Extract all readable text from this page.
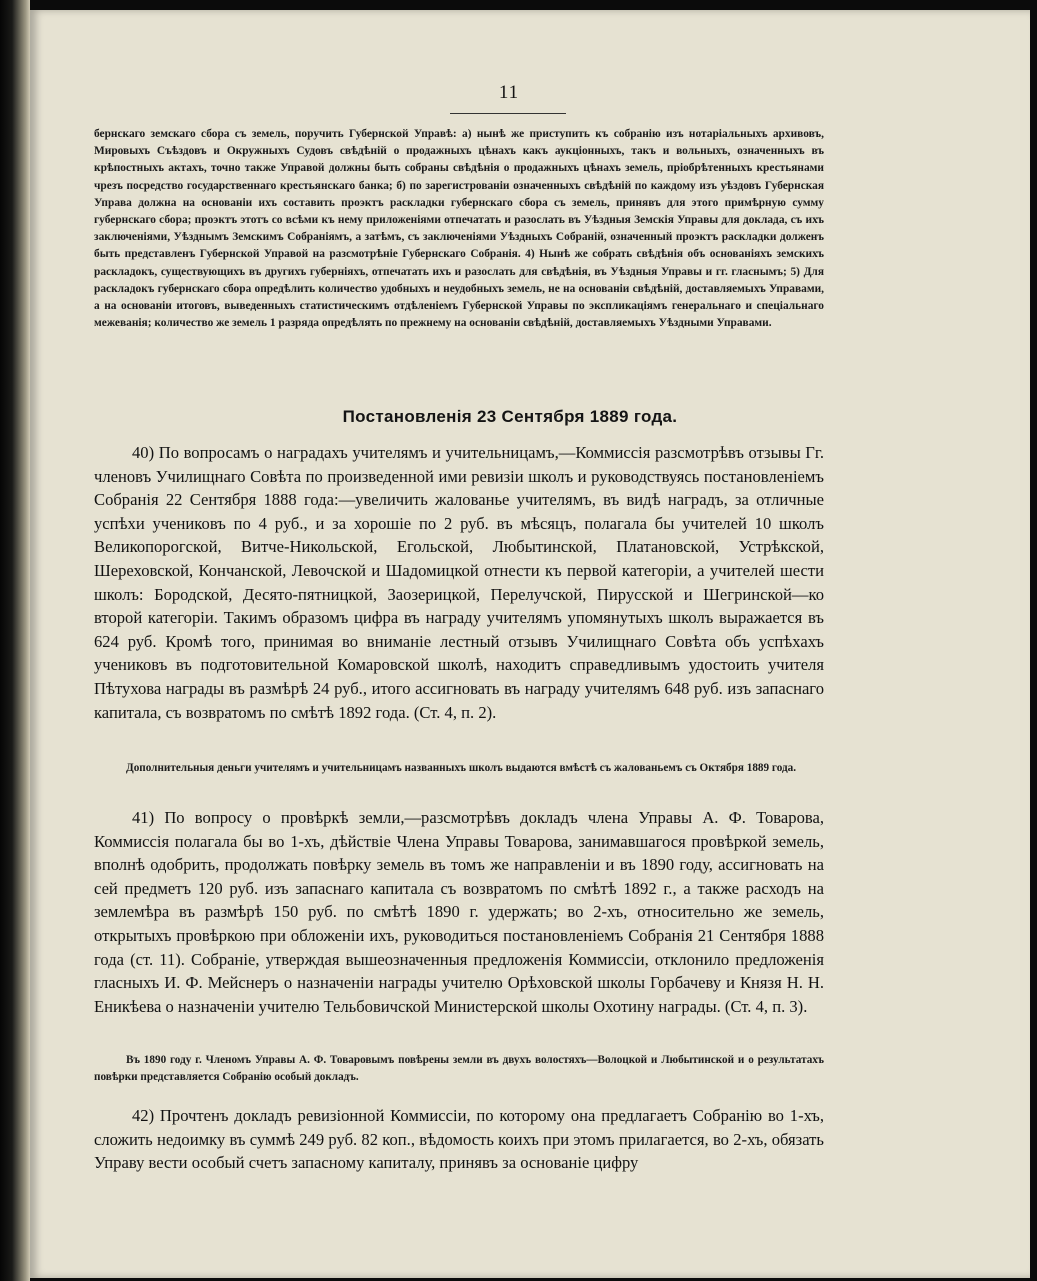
11
бернскаго земскаго сбора съ земель, поручить Губернской Управѣ: а) нынѣ же приступить къ собранію изъ нотаріальныхъ архивовъ, Мировыхъ Съѣздовъ и Окружныхъ Судовъ свѣдѣній о продажныхъ цѣнахъ какъ аукціонныхъ, такъ и вольныхъ, означенныхъ въ крѣпостныхъ актахъ, точно также Управой должны быть собраны свѣдѣнія о продажныхъ цѣнахъ земель, пріобрѣтенныхъ крестьянами чрезъ посредство государственнаго крестьянскаго банка; б) по зарегистрованіи означенныхъ свѣдѣній по каждому изъ уѣздовъ Губернская Управа должна на основаніи ихъ составить проэктъ раскладки губернскаго сбора съ земель, принявъ для этого примѣрную сумму губернскаго сбора; проэктъ этотъ со всѣми къ нему приложеніями отпечатать и разослать въ Уѣздныя Земскія Управы для доклада, съ ихъ заключеніями, Уѣзднымъ Земскимъ Собраніямъ, а затѣмъ, съ заключеніями Уѣздныхъ Собраній, означенный проэктъ раскладки долженъ быть представленъ Губернской Управой на разсмотрѣніе Губернскаго Собранія. 4) Нынѣ же собрать свѣдѣнія объ основаніяхъ земскихъ раскладокъ, существующихъ въ другихъ губерніяхъ, отпечатать ихъ и разослать для свѣдѣнія, въ Уѣздныя Управы и гг. гласнымъ; 5) Для раскладокъ губернскаго сбора опредѣлить количество удобныхъ и неудобныхъ земель, не на основаніи свѣдѣній, доставляемыхъ Управами, а на основаніи итоговъ, выведенныхъ статистическимъ отдѣленіемъ Губернской Управы по экспликаціямъ генеральнаго и спеціальнаго межеванія; количество же земель 1 разряда опредѣлять по прежнему на основаніи свѣдѣній, доставляемыхъ Уѣздными Управами.
Постановленія 23 Сентября 1889 года.
40) По вопросамъ о наградахъ учителямъ и учительницамъ,—Коммиссія разсмотрѣвъ отзывы Гг. членовъ Училищнаго Совѣта по произведенной ими ревизіи школъ и руководствуясь постановленіемъ Собранія 22 Сентября 1888 года:—увеличить жалованье учителямъ, въ видѣ наградъ, за отличные успѣхи учениковъ по 4 руб., и за хорошіе по 2 руб. въ мѣсяцъ, полагала бы учителей 10 школъ Великопорогской, Витче-Никольской, Егольской, Любытинской, Платановской, Устрѣкской, Шереховской, Кончанской, Левочской и Шадомицкой отнести къ первой категоріи, а учителей шести школъ: Бородской, Десято-пятницкой, Заозерицкой, Перелучской, Пирусской и Шегринской—ко второй категоріи. Такимъ образомъ цифра въ награду учителямъ упомянутыхъ школъ выражается въ 624 руб. Кромѣ того, принимая во вниманіе лестный отзывъ Училищнаго Совѣта объ успѣхахъ учениковъ въ подготовительной Комаровской школѣ, находитъ справедливымъ удостоить учителя Пѣтухова награды въ размѣрѣ 24 руб., итого ассигновать въ награду учителямъ 648 руб. изъ запаснаго капитала, съ возвратомъ по смѣтѣ 1892 года. (Ст. 4, п. 2).
Дополнительныя деньги учителямъ и учительницамъ названныхъ школъ выдаются вмѣстѣ съ жалованьемъ съ Октября 1889 года.
41) По вопросу о провѣркѣ земли,—разсмотрѣвъ докладъ члена Управы А. Ф. Товарова, Коммиссія полагала бы во 1-хъ, дѣйствіе Члена Управы Товарова, занимавшагося провѣркой земель, вполнѣ одобрить, продолжать повѣрку земель въ томъ же направленіи и въ 1890 году, ассигновать на сей предметъ 120 руб. изъ запаснаго капитала съ возвратомъ по смѣтѣ 1892 г., а также расходъ на землемѣра въ размѣрѣ 150 руб. по смѣтѣ 1890 г. удержать; во 2-хъ, относительно же земель, открытыхъ провѣркою при обложеніи ихъ, руководиться постановленіемъ Собранія 21 Сентября 1888 года (ст. 11). Собраніе, утверждая вышеозначенныя предложенія Коммиссіи, отклонило предложенія гласныхъ И. Ф. Мейснеръ о назначеніи награды учителю Орѣховской школы Горбачеву и Князя Н. Н. Еникѣева о назначеніи учителю Тельбовичской Министерской школы Охотину награды. (Ст. 4, п. 3).
Въ 1890 году г. Членомъ Управы А. Ф. Товаровымъ повѣрены земли въ двухъ волостяхъ—Волоцкой и Любытинской и о результатахъ повѣрки представляется Собранію особый докладъ.
42) Прочтенъ докладъ ревизіонной Коммиссіи, по которому она предлагаетъ Собранію во 1-хъ, сложить недоимку въ суммѣ 249 руб. 82 коп., вѣдомость коихъ при этомъ прилагается, во 2-хъ, обязать Управу вести особый счетъ запасному капиталу, принявъ за основаніе цифру
